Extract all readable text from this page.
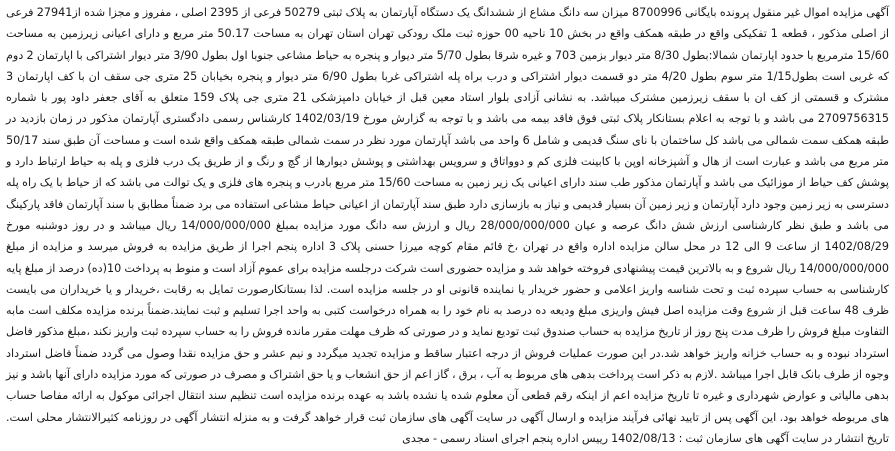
آگهی مزایده اموال غیر منقول پرونده بایگانی 8700996 میزان سه دانگ مشاع از ششدانگ یک دستگاه آپارتمان به پلاک ثبتی 50279 فرعی از 2395 اصلی ، مفروز و مجزا شده از27941 فرعی از اصلی مذکور ، قطعه 1 تفکیکی واقع در طبقه همکف واقع در بخش 10 ناحیه 00 حوزه ثبت ملک رودکی تهران استان تهران به مساحت 50.17 متر مربع و دارای اعیانی زیرزمین به مساحت 15/60 مترمربع با حدود اپارتمان شمالا:بطول 8/30 متر دیوار بزمین 703 و غیره شرقا بطول 5/70 متر دیوار و پنجره به حیاط مشاعی جنوبا اول بطول 3/90 متر دیوار اشتراکی با اپارتمان 2 دوم که غربی است بطول1/15 متر سوم بطول 4/20 متر دو قسمت دیوار اشتراکی و درب براه پله اشتراکی غربا بطول 6/90 متر دیوار و پنجره بخیابان 25 متری جی سقف ان با کف اپارتمان 3 مشترک و قسمتی از کف ان با سقف زیرزمین مشترک میباشد. به نشانی آزادی بلوار استاد معین قبل از خیابان دامپزشکی 21 متری جی پلاک 159 متعلق به آقای جعفر داود پور با شماره 2709756315 می باشد و با توجه به اعلام بستانکار پلاک ثبتی فوق فاقد بیمه می باشد و با توجه به گزارش مورخ 1402/03/19 کارشناس رسمی دادگستری آپارتمان مذکور در زمان بازدید در طبقه همکف سمت شمالی می باشد کل ساختمان با نای سنگ قدیمی و شامل 6 واحد می باشد آپارتمان مورد نظر در سمت شمالی طبقه همکف واقع شده است و مساحت آن طبق سند 50/17 متر مربع می باشد و عبارت است از هال و آشپزخانه اوپن با کابینت فلزی کم و دوواتاق و سرویس بهداشتی و پوشش دیوارها از گچ و رنگ و از طریق یک درب فلزی و پله به حیاط ارتباط دارد و پوشش کف حیاط از موزائیک می باشد و آپارتمان مذکور طب سند دارای اعیانی یک زیر زمین به مساحت 15/60 متر مربع بادرب و پنجره های فلزی و یک توالت می باشد که از حیاط با یک راه پله دسترسی به زیر زمین وجود دارد آپارتمان و زیر زمین آن بسیار قدیمی و نیاز به بازسازی دارد طبق سند آپارتمان از اعیانی حیاط مشاعی استفاده می برد ضمناً مطابق با سند آپارتمان فاقد پارکینگ می باشد و طبق نظر کارشناسی ارزش شش دانگ عرصه و عیان 28/000/000/000 ریال و ارزش سه دانگ مورد مزایده بمبلغ 14/000/000/000 ریال میباشد و در روز دوشنبه مورخ 1402/08/29 از ساعت 9 الی 12 در محل سالن مزایده اداره واقع در تهران ،خ قائم مقام کوچه میرزا حسنی پلاک 3 اداره پنجم اجرا از طریق مزایده به فروش میرسد و مزایده از مبلغ 14/000/000/000 ریال شروع و به بالاترین قیمت پیشنهادی فروخته خواهد شد و مزایده حضوری است شرکت درجلسه مزایده برای عموم آزاد است و منوط به پرداخت 10(ده) درصد از مبلغ پایه کارشناسی به حساب سپرده ثبت و تحت شناسه واریز اعلامی و حضور خریدار یا نماینده قانونی او در جلسه مزایده است. لذا بستانکارصورت تمایل به رقابت ،خریدار و یا خریداران می بایست ظرف 48 ساعت قبل از شروع وقت مزایده اصل فیش واریزی مبلغ ودیعه ده درصد به نام خود را به همراه درخواست کتبی به واحد اجرا تسلیم و ثبت نمایند.ضمناً برنده مزایده مکلف است مابه التفاوت مبلغ فروش را ظرف مدت پنج روز از تاریخ مزایده به حساب صندوق ثبت تودیع نماید و در صورتی که ظرف مهلت مقرر مانده فروش را به حساب سپرده ثبت واریز نکند ،مبلغ مذکور فاضل استرداد نبوده و به حساب خزانه واریز خواهد شد.در این صورت عملیات فروش از درجه اعتبار ساقط و مزایده تجدید میگردد و نیم عشر و حق مزایده نقدا وصول می گردد ضمناً فاضل استرداد وجوه از طرف بانک قابل اجرا میباشد .لازم به ذکر است پرداخت بدهی های مربوط به آب ، برق ، گاز اعم از حق انشعاب و یا حق اشتراک و مصرف در صورتی که مورد مزایده دارای آنها باشد و نیز بدهی مالیاتی و عوارض شهرداری و غیره تا تاریخ مزایده اعم از اینکه رقم قطعی آن معلوم شده یا نشده باشد به عهده برنده مزایده است تنظیم سند انتقال اجرائی موکول به ارائه مفاصا حساب های مربوطه خواهد بود. این آگهی پس از تایید نهائی فرآیند مزایده و ارسال آگهی در سایت آگهی های سازمان ثبت قرار خواهد گرفت و به منزله انتشار آگهی در روزنامه کثیرالانتشار محلی است. تاریخ انتشار در سایت آگهی های سازمان ثبت : 1402/08/13 رییس اداره پنجم اجرای اسناد رسمی - مجدی
